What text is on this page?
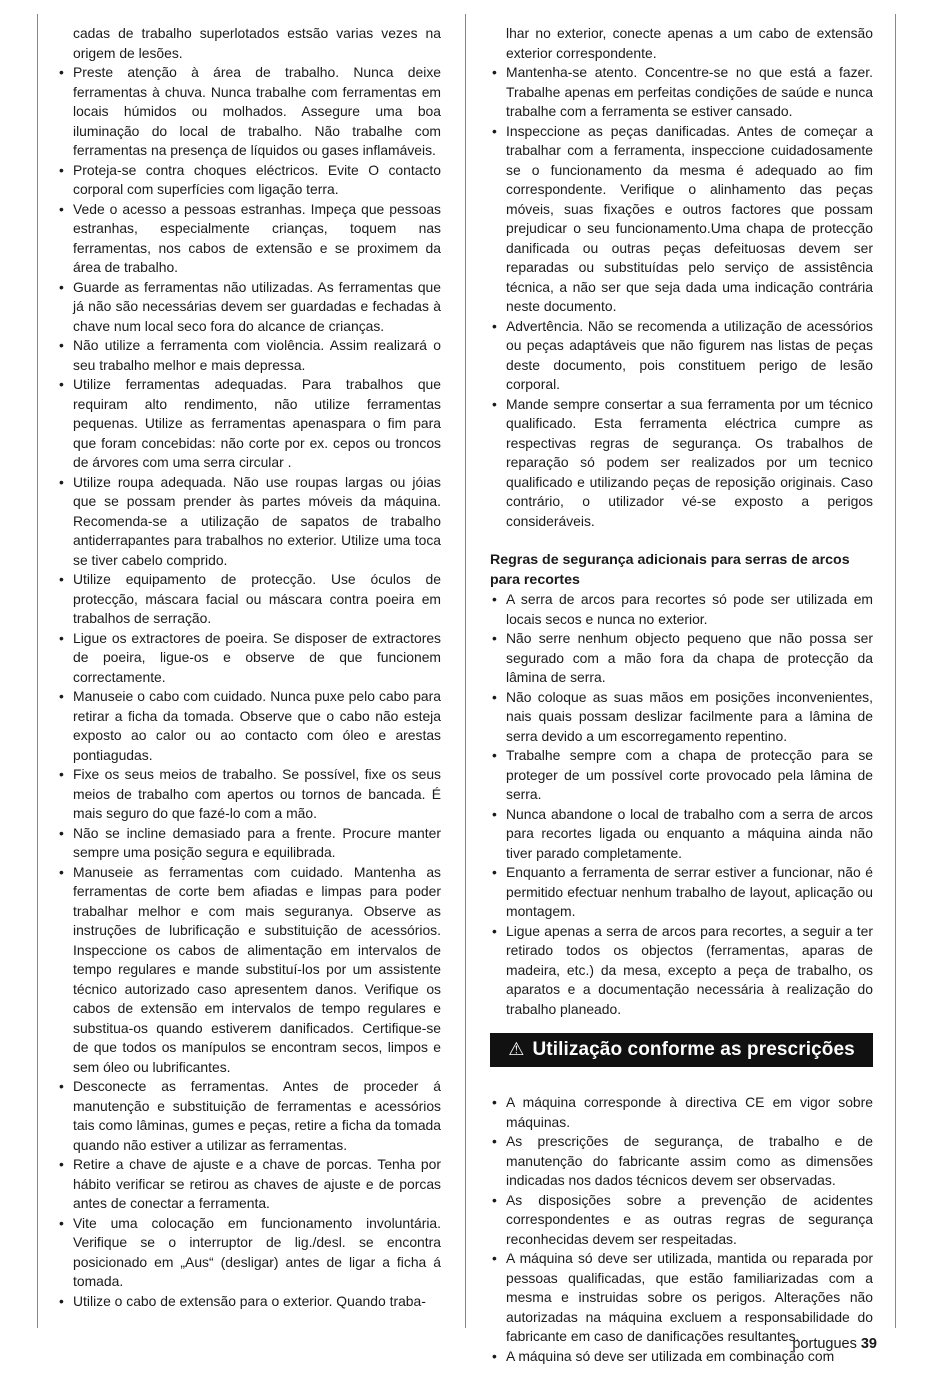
cadas de trabalho superlotados estsão varias vezes na origem de lesões.
• Preste atenção à área de trabalho. Nunca deixe ferramentas à chuva. Nunca trabalhe com ferramentas em locais húmidos ou molhados. Assegure uma boa iluminação do local de trabalho. Não trabalhe com ferramentas na presença de líquidos ou gases inflamáveis.
• Proteja-se contra choques eléctricos. Evite O contacto corporal com superfícies com ligação terra.
• Vede o acesso a pessoas estranhas. Impeça que pessoas estranhas, especialmente crianças, toquem nas ferramentas, nos cabos de extensão e se proximem da área de trabalho.
• Guarde as ferramentas não utilizadas. As ferramentas que já não são necessárias devem ser guardadas e fechadas à chave num local seco fora do alcance de crianças.
• Não utilize a ferramenta com violência. Assim realizará o seu trabalho melhor e mais depressa.
• Utilize ferramentas adequadas. Para trabalhos que requiram alto rendimento, não utilize ferramentas pequenas. Utilize as ferramentas apenaspara o fim para que foram concebidas: não corte por ex. cepos ou troncos de árvores com uma serra circular .
• Utilize roupa adequada. Não use roupas largas ou jóias que se possam prender às partes móveis da máquina. Recomenda-se a utilização de sapatos de trabalho antiderrapantes para trabalhos no exterior. Utilize uma toca se tiver cabelo comprido.
• Utilize equipamento de protecção. Use óculos de protecção, máscara facial ou máscara contra poeira em trabalhos de serração.
• Ligue os extractores de poeira. Se disposer de extractores de poeira, ligue-os e observe de que funcionem correctamente.
• Manuseie o cabo com cuidado. Nunca puxe pelo cabo para retirar a ficha da tomada. Observe que o cabo não esteja exposto ao calor ou ao contacto com óleo e arestas pontiagudas.
• Fixe os seus meios de trabalho. Se possível, fixe os seus meios de trabalho com apertos ou tornos de bancada. É mais seguro do que fazé-lo com a mão.
• Não se incline demasiado para a frente. Procure manter sempre uma posição segura e equilibrada.
• Manuseie as ferramentas com cuidado. Mantenha as ferramentas de corte bem afiadas e limpas para poder trabalhar melhor e com mais seguranya. Observe as instruções de lubrificação e substituição de acessórios. Inspeccione os cabos de alimentação em intervalos de tempo regulares e mande substituí-los por um assistente técnico autorizado caso apresentem danos. Verifique os cabos de extensão em intervalos de tempo regulares e substitua-os quando estiverem danificados. Certifique-se de que todos os manípulos se encontram secos, limpos e sem óleo ou lubrificantes.
• Desconecte as ferramentas. Antes de proceder á manutenção e substituição de ferramentas e acessórios tais como lâminas, gumes e peças, retire a ficha da tomada quando não estiver a utilizar as ferramentas.
• Retire a chave de ajuste e a chave de porcas. Tenha por hábito verificar se retirou as chaves de ajuste e de porcas antes de conectar a ferramenta.
• Vite uma colocação em funcionamento involuntária. Verifique se o interruptor de lig./desl. se encontra posicionado em „Aus“ (desligar) antes de ligar a ficha á tomada.
• Utilize o cabo de extensão para o exterior. Quando traba-
lhar no exterior, conecte apenas a um cabo de extensão exterior correspondente.
• Mantenha-se atento. Concentre-se no que está a fazer. Trabalhe apenas em perfeitas condições de saúde e nunca trabalhe com a ferramenta se estiver cansado.
• Inspeccione as peças danificadas. Antes de começar a trabalhar com a ferramenta, inspeccione cuidadosamente se o funcionamento da mesma é adequado ao fim correspondente. Verifique o alinhamento das peças móveis, suas fixações e outros factores que possam prejudicar o seu funcionamento.Uma chapa de protecção danificada ou outras peças defeituosas devem ser reparadas ou substituídas pelo serviço de assistência técnica, a não ser que seja dada uma indicação contrária neste documento.
• Advertência. Não se recomenda a utilização de acessórios ou peças adaptáveis que não figurem nas listas de peças deste documento, pois constituem perigo de lesão corporal.
• Mande sempre consertar a sua ferramenta por um técnico qualificado. Esta ferramenta eléctrica cumpre as respectivas regras de segurança. Os trabalhos de reparação só podem ser realizados por um tecnico qualificado e utilizando peças de reposição originais. Caso contrário, o utilizador vé-se exposto a perigos consideráveis.
Regras de segurança adicionais para serras de arcos para recortes
• A serra de arcos para recortes só pode ser utilizada em locais secos e nunca no exterior.
• Não serre nenhum objecto pequeno que não possa ser segurado com a mão fora da chapa de protecção da lâmina de serra.
• Não coloque as suas mãos em posições inconvenientes, nais quais possam deslizar facilmente para a lâmina de serra devido a um escorregamento repentino.
• Trabalhe sempre com a chapa de protecção para se proteger de um possível corte provocado pela lâmina de serra.
• Nunca abandone o local de trabalho com a serra de arcos para recortes ligada ou enquanto a máquina ainda não tiver parado completamente.
• Enquanto a ferramenta de serrar estiver a funcionar, não é permitido efectuar nenhum trabalho de layout, aplicação ou montagem.
• Ligue apenas a serra de arcos para recortes, a seguir a ter retirado todos os objectos (ferramentas, aparas de madeira, etc.) da mesa, excepto a peça de trabalho, os aparatos e a documentação necessária à realização do trabalho planeado.
⚠ Utilização conforme as prescrições
• A máquina corresponde à directiva CE em vigor sobre máquinas.
• As prescrições de segurança, de trabalho e de manutenção do fabricante assim como as dimensões indicadas nos dados técnicos devem ser observadas.
• As disposições sobre a prevenção de acidentes correspondentes e as outras regras de segurança reconhecidas devem ser respeitadas.
• A máquina só deve ser utilizada, mantida ou reparada por pessoas qualificadas, que estão familiarizadas com a mesma e instruidas sobre os perigos. Alterações não autorizadas na máquina excluem a responsabilidade do fabricante em caso de danificações resultantes.
• A máquina só deve ser utilizada em combinação com
portugues 39
